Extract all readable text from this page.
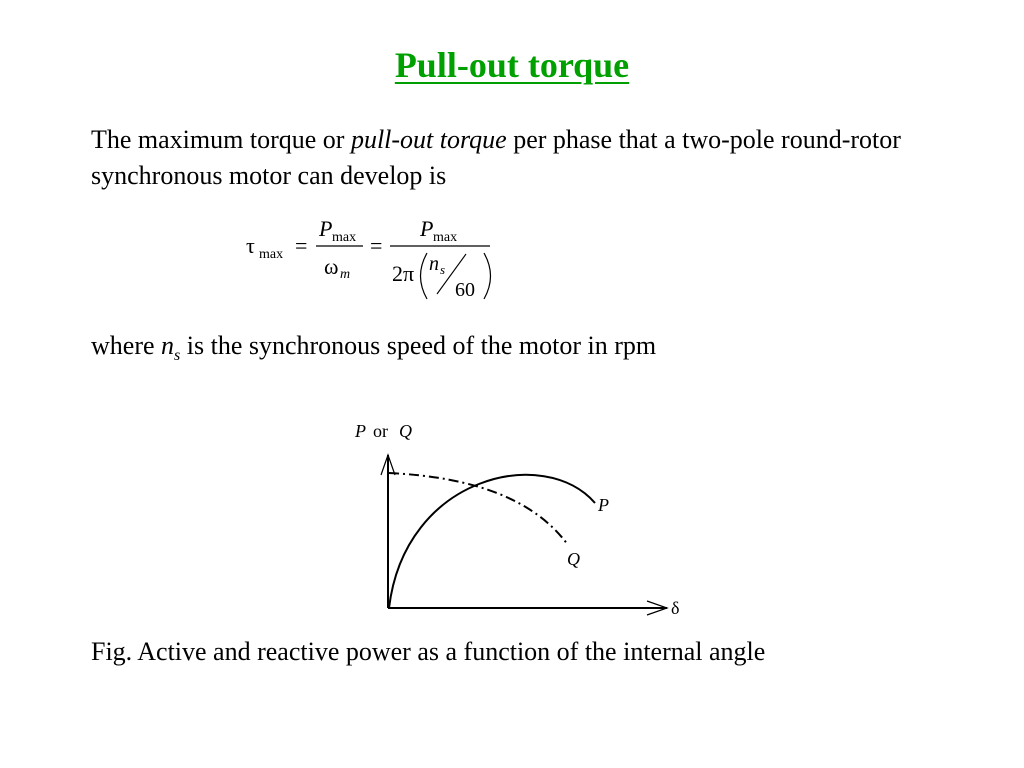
Pull-out torque
The maximum torque or pull-out torque per phase that a two-pole round-rotor synchronous motor can develop is
τ max =
P max
ω m
=
P max
2π n s
60
where $n_s$ is the synchronous speed of the motor in rpm
P or Q
δ
P
Q
Fig. Active and reactive power as a function of the internal angle
